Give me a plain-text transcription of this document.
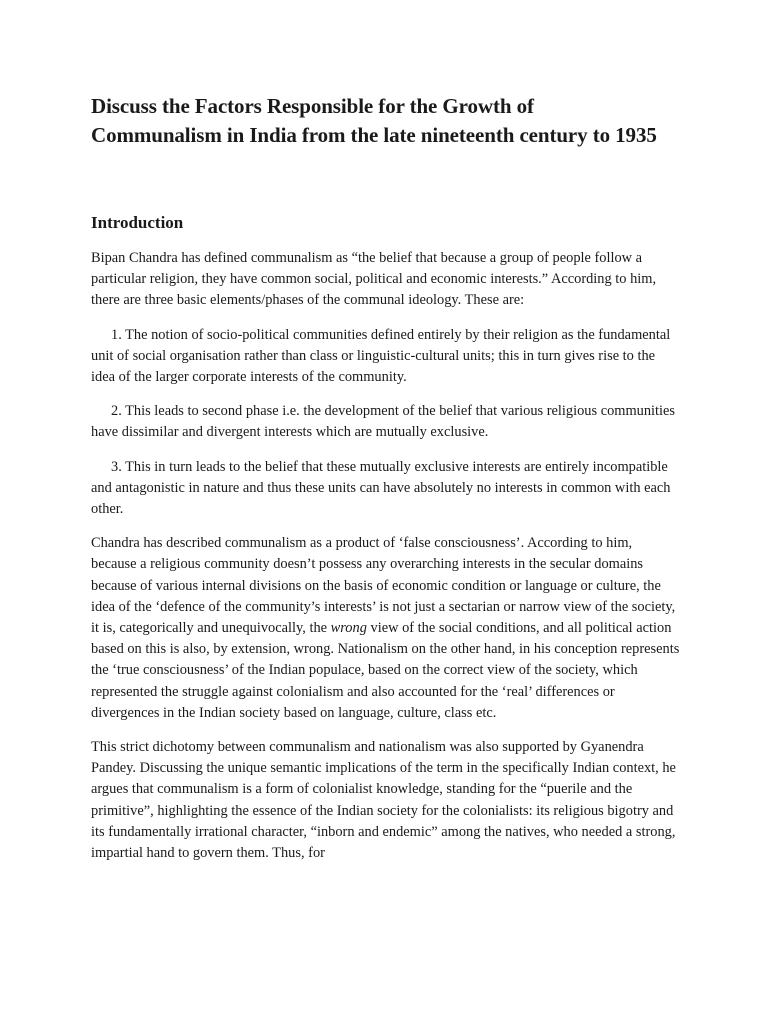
Discuss the Factors Responsible for the Growth of
Communalism in India from the late nineteenth century to 1935
Introduction

Bipan Chandra has defined communalism as “the belief that because a group of people follow a particular religion, they have common social, political and economic interests.” According to him, there are three basic elements/phases of the communal ideology. These are:

1. The notion of socio-political communities defined entirely by their religion as the fundamental unit of social organisation rather than class or linguistic-cultural units; this in turn gives rise to the idea of the larger corporate interests of the community.

2. This leads to second phase i.e. the development of the belief that various religious communities have dissimilar and divergent interests which are mutually exclusive.

3. This in turn leads to the belief that these mutually exclusive interests are entirely incompatible and antagonistic in nature and thus these units can have absolutely no interests in common with each other.

Chandra has described communalism as a product of ‘false consciousness’. According to him, because a religious community doesn’t possess any overarching interests in the secular domains because of various internal divisions on the basis of economic condition or language or culture, the idea of the ‘defence of the community’s interests’ is not just a sectarian or narrow view of the society, it is, categorically and unequivocally, the wrong view of the social conditions, and all political action based on this is also, by extension, wrong. Nationalism on the other hand, in his conception represents the ‘true consciousness’ of the Indian populace, based on the correct view of the society, which represented the struggle against colonialism and also accounted for the ‘real’ differences or divergences in the Indian society based on language, culture, class etc.

This strict dichotomy between communalism and nationalism was also supported by Gyanendra Pandey. Discussing the unique semantic implications of the term in the specifically Indian context, he argues that communalism is a form of colonialist knowledge, standing for the “puerile and the primitive”, highlighting the essence of the Indian society for the colonialists: its religious bigotry and its fundamentally irrational character, “inborn and endemic” among the natives, who needed a strong, impartial hand to govern them. Thus, for
